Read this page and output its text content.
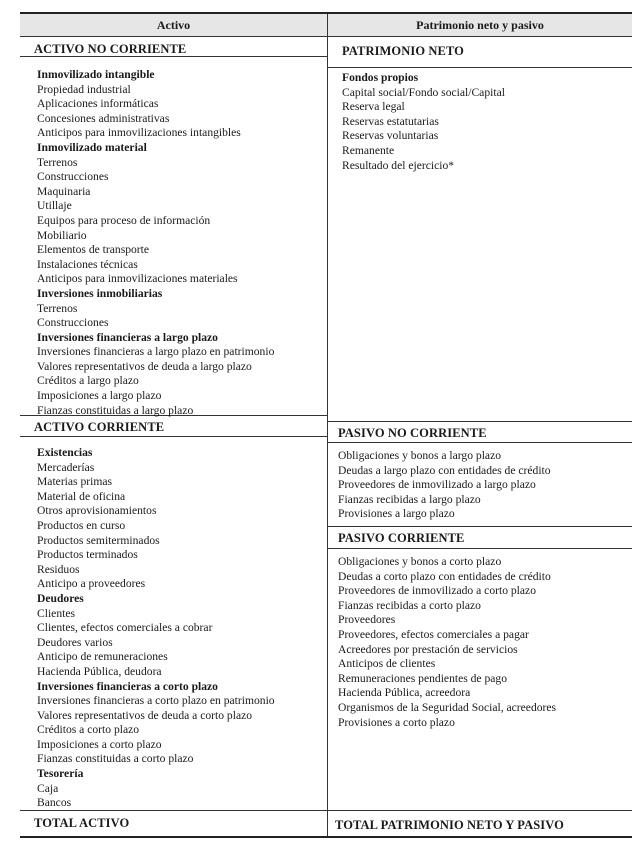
Activo	Patrimonio neto y pasivo
ACTIVO NO CORRIENTE
Inmovilizado intangible
Propiedad industrial
Aplicaciones informáticas
Concesiones administrativas
Anticipos para inmovilizaciones intangibles
Inmovilizado material
Terrenos
Construcciones
Maquinaria
Utillaje
Equipos para proceso de información
Mobiliario
Elementos de transporte
Instalaciones técnicas
Anticipos para inmovilizaciones materiales
Inversiones inmobiliarias
Terrenos
Construcciones
Inversiones financieras a largo plazo
Inversiones financieras a largo plazo en patrimonio
Valores representativos de deuda a largo plazo
Créditos a largo plazo
Imposiciones a largo plazo
Fianzas constituidas a largo plazo
ACTIVO CORRIENTE
Existencias
Mercaderías
Materias primas
Material de oficina
Otros aprovisionamientos
Productos en curso
Productos semiterminados
Productos terminados
Residuos
Anticipo a proveedores
Deudores
Clientes
Clientes, efectos comerciales a cobrar
Deudores varios
Anticipo de remuneraciones
Hacienda Pública, deudora
Inversiones financieras a corto plazo
Inversiones financieras a corto plazo en patrimonio
Valores representativos de deuda a corto plazo
Créditos a corto plazo
Imposiciones a corto plazo
Fianzas constituidas a corto plazo
Tesorería
Caja
Bancos
TOTAL ACTIVO
PATRIMONIO NETO
Fondos propios
Capital social/Fondo social/Capital
Reserva legal
Reservas estatutarias
Reservas voluntarias
Remanente
Resultado del ejercicio*
PASIVO NO CORRIENTE
Obligaciones y bonos a largo plazo
Deudas a largo plazo con entidades de crédito
Proveedores de inmovilizado a largo plazo
Fianzas recibidas a largo plazo
Provisiones a largo plazo
PASIVO CORRIENTE
Obligaciones y bonos a corto plazo
Deudas a corto plazo con entidades de crédito
Proveedores de inmovilizado a corto plazo
Fianzas recibidas a corto plazo
Proveedores
Proveedores, efectos comerciales a pagar
Acreedores por prestación de servicios
Anticipos de clientes
Remuneraciones pendientes de pago
Hacienda Pública, acreedora
Organismos de la Seguridad Social, acreedores
Provisiones a corto plazo
TOTAL PATRIMONIO NETO Y PASIVO
